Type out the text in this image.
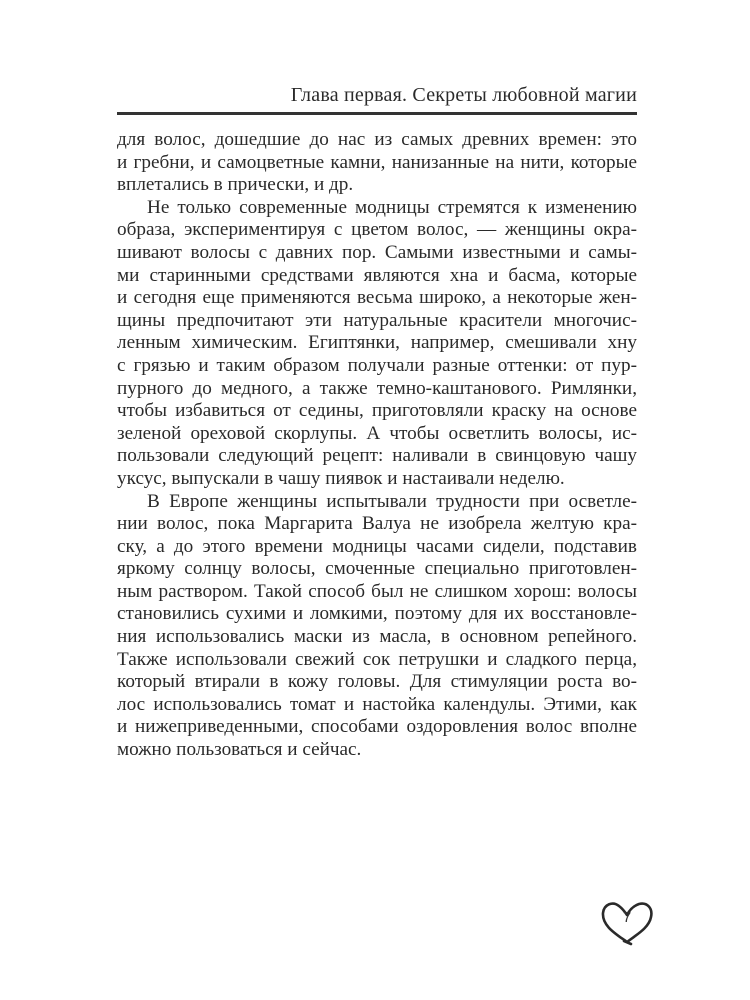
Глава первая. Секреты любовной магии
для волос, дошедшие до нас из самых древних времен: это
и гребни, и самоцветные камни, нанизанные на нити, которые
вплетались в прически, и др.
Не только современные модницы стремятся к изменению
образа, экспериментируя с цветом волос, — женщины окра-
шивают волосы с давних пор. Самыми известными и самы-
ми старинными средствами являются хна и басма, которые
и сегодня еще применяются весьма широко, а некоторые жен-
щины предпочитают эти натуральные красители многочис-
ленным химическим. Египтянки, например, смешивали хну
с грязью и таким образом получали разные оттенки: от пур-
пурного до медного, а также темно-каштанового. Римлянки,
чтобы избавиться от седины, приготовляли краску на основе
зеленой ореховой скорлупы. А чтобы осветлить волосы, ис-
пользовали следующий рецепт: наливали в свинцовую чашу
уксус, выпускали в чашу пиявок и настаивали неделю.
В Европе женщины испытывали трудности при осветле-
нии волос, пока Маргарита Валуа не изобрела желтую кра-
ску, а до этого времени модницы часами сидели, подставив
яркому солнцу волосы, смоченные специально приготовлен-
ным раствором. Такой способ был не слишком хорош: волосы
становились сухими и ломкими, поэтому для их восстановле-
ния использовались маски из масла, в основном репейного.
Также использовали свежий сок петрушки и сладкого перца,
который втирали в кожу головы. Для стимуляции роста во-
лос использовались томат и настойка календулы. Этими, как
и нижеприведенными, способами оздоровления волос вполне
можно пользоваться и сейчас.
7
